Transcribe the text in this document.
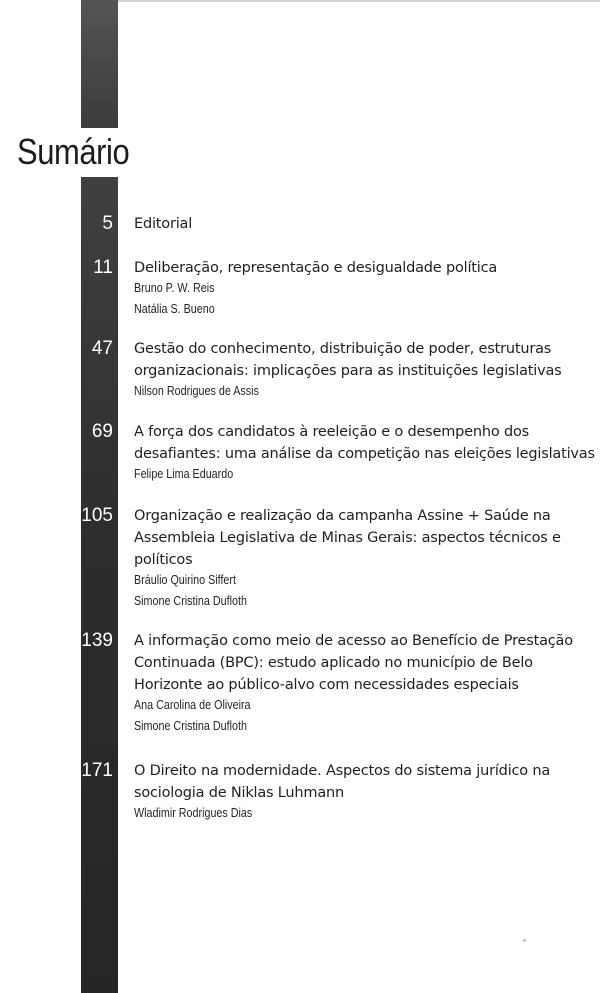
Sumário
5 Editorial

11 Deliberação, representação e desigualdade política

Bruno P. W. Reis

Natália S. Bueno

47 Gestão do conhecimento, distribuição de poder, estruturas

organizacionais: implicações para as instituições legislativas

Nilson Rodrigues de Assis

69 A força dos candidatos à reeleição e o desempenho dos

desafiantes: uma análise da competição nas eleições legislativas

Felipe Lima Eduardo

105 Organização e realização da campanha Assine + Saúde na

Assembleia Legislativa de Minas Gerais: aspectos técnicos e

políticos

Bráulio Quirino Siffert

Simone Cristina Dufloth

139 A informação como meio de acesso ao Benefício de Prestação

Continuada (BPC): estudo aplicado no município de Belo

Horizonte ao público-alvo com necessidades especiais

Ana Carolina de Oliveira

Simone Cristina Dufloth

171 O Direito na modernidade. Aspectos do sistema jurídico na

sociologia de Niklas Luhmann

Wladimir Rodrigues Dias
